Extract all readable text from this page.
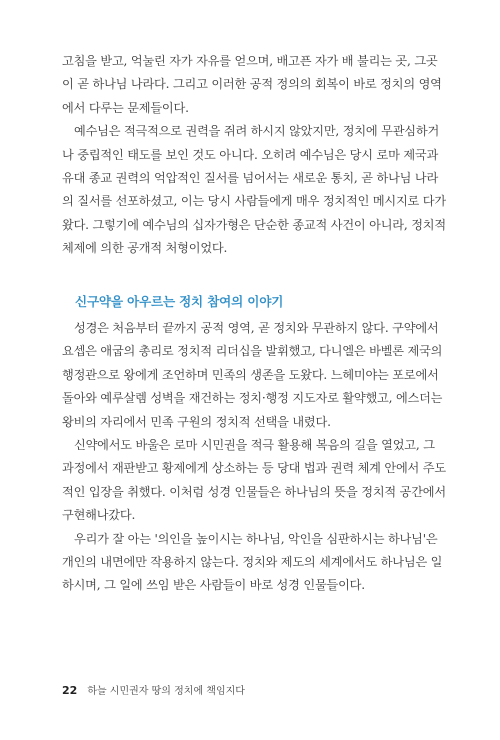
고침을 받고, 억눌린 자가 자유를 얻으며, 배고픈 자가 배 불리는 곳, 그곳
이 곧 하나님 나라다. 그리고 이러한 공적 정의의 회복이 바로 정치의 영역
에서 다루는 문제들이다.
예수님은 적극적으로 권력을 쥐려 하시지 않았지만, 정치에 무관심하거
나 중립적인 태도를 보인 것도 아니다. 오히려 예수님은 당시 로마 제국과
유대 종교 권력의 억압적인 질서를 넘어서는 새로운 통치, 곧 하나님 나라
의 질서를 선포하셨고, 이는 당시 사람들에게 매우 정치적인 메시지로 다가
왔다. 그렇기에 예수님의 십자가형은 단순한 종교적 사건이 아니라, 정치적
체제에 의한 공개적 처형이었다.
신구약을 아우르는 정치 참여의 이야기
성경은 처음부터 끝까지 공적 영역, 곧 정치와 무관하지 않다. 구약에서
요셉은 애굽의 총리로 정치적 리더십을 발휘했고, 다니엘은 바벨론 제국의
행정관으로 왕에게 조언하며 민족의 생존을 도왔다. 느헤미야는 포로에서
돌아와 예루살렘 성벽을 재건하는 정치·행정 지도자로 활약했고, 에스더는
왕비의 자리에서 민족 구원의 정치적 선택을 내렸다.
신약에서도 바울은 로마 시민권을 적극 활용해 복음의 길을 열었고, 그
과정에서 재판받고 황제에게 상소하는 등 당대 법과 권력 체계 안에서 주도
적인 입장을 취했다. 이처럼 성경 인물들은 하나님의 뜻을 정치적 공간에서
구현해나갔다.
우리가 잘 아는 '의인을 높이시는 하나님, 악인을 심판하시는 하나님'은
개인의 내면에만 작용하지 않는다. 정치와 제도의 세계에서도 하나님은 일
하시며, 그 일에 쓰임 받은 사람들이 바로 성경 인물들이다.
22 하늘 시민권자 땅의 정치에 책임지다
